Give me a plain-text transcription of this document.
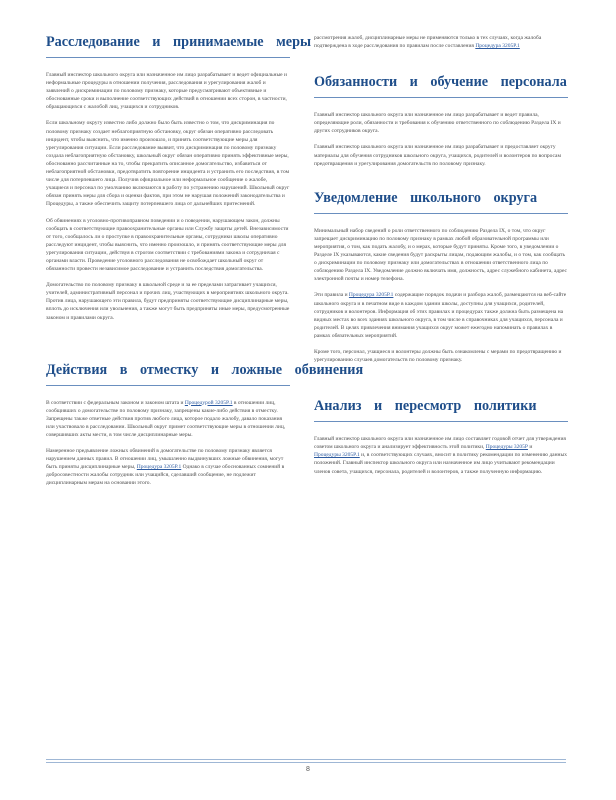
Расследование и принимаемые меры

Главный инспектор школьного округа или назначенное им лицо разрабатывает и ведет официальные и неформальные процедуры в отношении получения, расследования и урегулирования жалоб и заявлений о дискриминации по половому признаку, которые предусматривают объективные и обоснованные сроки и выполнение соответствующих действий в отношении всех сторон, в частности, обращающихся с жалобой лиц, учащихся и сотрудников.

Если школьному округу известно либо должно было быть известно о том, что дискриминация по половому признаку создает неблагоприятную обстановку, округ обязан оперативно расследовать инцидент, чтобы выяснить, что именно произошло, и принять соответствующие меры для урегулирования ситуации. Если расследование выявит, что дискриминация по половому признаку создала неблагоприятную обстановку, школьный округ обязан оперативно принять эффективные меры, обоснованно рассчитанные на то, чтобы прекратить описанное домогательство, избавиться от неблагоприятной обстановки, предотвратить повторение инцидента и устранить его последствия, в том числе для потерпевшего лица. Получив официальное или неформальное сообщение о жалобе, учащиеся и персонал по умолчанию включаются в работу по устранению нарушений. Школьный округ обязан принять меры для сбора и оценки фактов, при этом не нарушая положений законодательства и Процедуры, а также обеспечить защиту потерпевшего лица от дальнейших притеснений.

Об обвинениях в уголовно-противоправном поведении и о поведении, нарушающем закон, должны сообщать в соответствующие правоохранительные органы или Службу защиты детей. Внезависимости от того, сообщалось ли о проступке в правоохранительные органы, сотрудники школы оперативно расследуют инцидент, чтобы выяснить, что именно произошло, и принять соответствующие меры для урегулирования ситуации, действуя в строгом соответствии с требованиями закона и сотрудничая с органами власти. Проведение уголовного расследования не освобождает школьный округ от обязанности провести независимое расследование и устранить последствия домогательства.

Домогательство по половому признаку в школьной среде и за ее пределами затрагивает учащихся, учителей, административный персонал и прочих лиц, участвующих в мероприятиях школьного округа. Против лица, нарушающего эти правила, будут предприняты соответствующие дисциплинарные меры, вплоть до исключения или увольнения, а также могут быть предприняты иные меры, предусмотренные законом и правилами округа.

Действия в отместку и ложные обвинения

В соответствии с федеральным законом и законом штата и Процедурой 3205P.1 в отношении лиц, сообщивших о домогательстве по половому признаку, запрещены какие-либо действия в отместку. Запрещены также ответные действия против любого лица, которое подало жалобу, давало показания или участвовало в расследовании. Школьный округ примет соответствующие меры в отношении лиц, совершивших акты мести, в том числе дисциплинарные меры.

Намеренное предъявление ложных обвинений в домогательстве по половому признаку является нарушением данных правил. В отношении лиц, умышленно выдвинувших ложные обвинения, могут быть приняты дисциплинарные меры, Процедура 3205P.1 Однако в случае обоснованных сомнений в добросовестности жалобы сотрудник или учащийся, сделавший сообщение, не подлежит дисциплинарным мерам на основании этого.

рассмотрения жалоб, дисциплинарные меры не применяются только в тех случаях, когда жалоба подтверждена в ходе расследования по правилам после составления Процедура 3205P.1

Обязанности и обучение персонала

Главный инспектор школьного округа или назначенное им лицо разрабатывает и ведет правила, определяющие роли, обязанности и требования к обучению ответственного по соблюдению Раздела IX и других сотрудников округа.

Главный инспектор школьного округа или назначенное им лицо разрабатывает и предоставляет округу материалы для обучения сотрудников школьного округа, учащихся, родителей и волонтеров по вопросам предотвращения и урегулирования домогательств по половому признаку.

Уведомление школьного округа

Минимальный набор сведений о роли ответственного по соблюдению Раздела IX, о том, что округ запрещает дискриминацию по половому признаку в рамках любой образовательной программы или мероприятия, о том, как подать жалобу, и о мерах, которые будут приняты. Кроме того, в уведомлении о Разделе IX указываются, какие сведения будут раскрыты лицам, подающим жалобы, и о том, как сообщать о дискриминации по половому признаку или домогательствах в отношении ответственного лица по соблюдению Раздела IX. Уведомление должно включать имя, должность, адрес служебного кабинета, адрес электронной почты и номер телефона.

Эти правила и Процедура 3205P.1 содержащие порядок подачи и разбора жалоб, размещаются на веб-сайте школьного округа и в печатном виде в каждом здании школы, доступны для учащихся, родителей, сотрудников и волонтеров. Информация об этих правилах и процедурах также должна быть размещена на видных местах во всех зданиях школьного округа, в том числе в справочниках для учащихся, персонала и родителей. В целях привлечения внимания учащихся округ может ежегодно напоминать о правилах в рамках обязательных мероприятий.

Кроме того, персонал, учащиеся и волонтеры должны быть ознакомлены с мерами по предотвращению и урегулированию случаев домогательств по половому признаку.

Анализ и пересмотр политики

Главный инспектор школьного округа или назначенное им лицо составляет годовой отчет для утверждения советом школьного округа и анализирует эффективность этой политики, Процедуры 3205P и Процедуры 3205P.1 и, в соответствующих случаях, вносит в политику рекомендации по изменению данных положений. Главный инспектор школьного округа или назначенное им лицо учитывают рекомендации членов совета, учащихся, персонала, родителей и волонтеров, а также полученную информацию.

8
